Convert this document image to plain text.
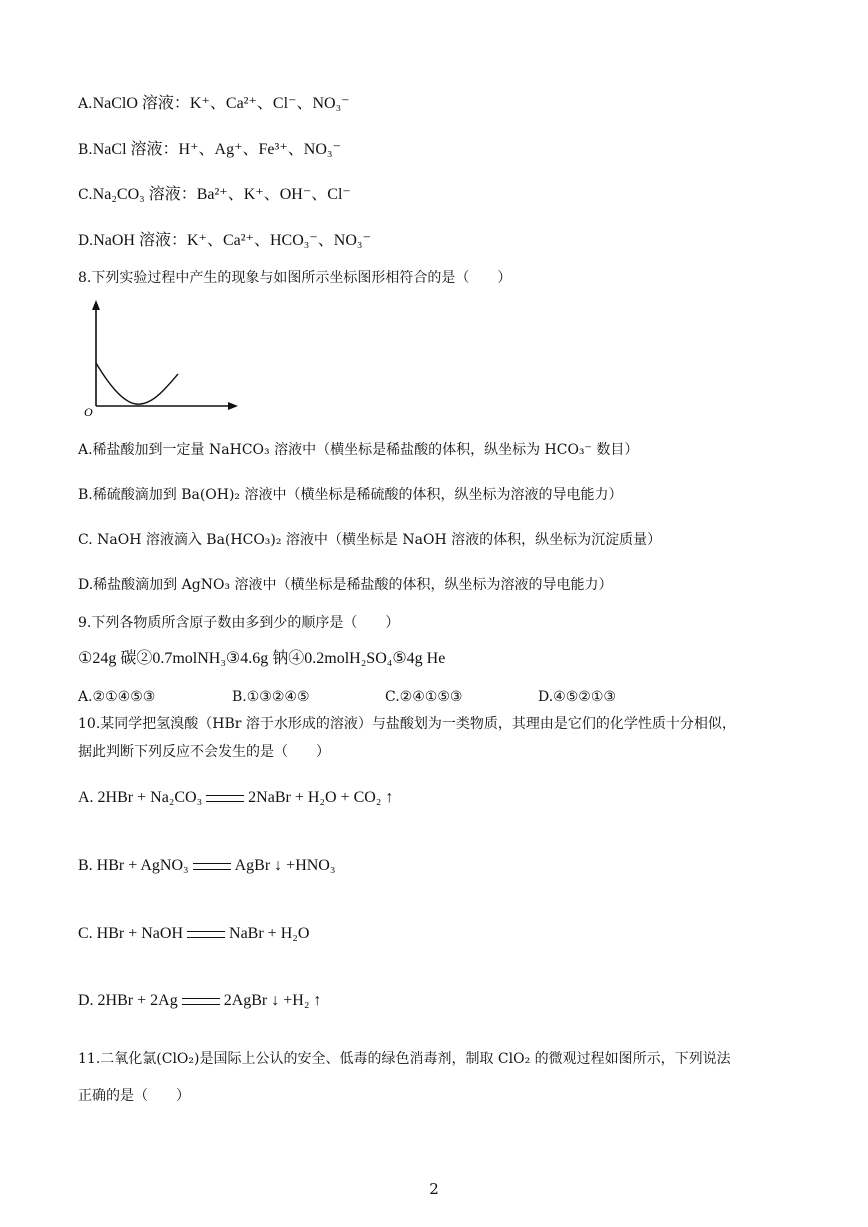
A.NaClO 溶液：K⁺、Ca²⁺、Cl⁻、NO₃⁻
B.NaCl 溶液：H⁺、Ag⁺、Fe³⁺、NO₃⁻
C.Na₂CO₃ 溶液：Ba²⁺、K⁺、OH⁻、Cl⁻
D.NaOH 溶液：K⁺、Ca²⁺、HCO₃⁻、NO₃⁻
8.下列实验过程中产生的现象与如图所示坐标图形相符合的是（　　）
O
A.稀盐酸加到一定量 NaHCO₃ 溶液中（横坐标是稀盐酸的体积，纵坐标为 HCO₃⁻ 数目）
B.稀硫酸滴加到 Ba(OH)₂ 溶液中（横坐标是稀硫酸的体积，纵坐标为溶液的导电能力）
C. NaOH 溶液滴入 Ba(HCO₃)₂ 溶液中（横坐标是 NaOH 溶液的体积，纵坐标为沉淀质量）
D.稀盐酸滴加到 AgNO₃ 溶液中（横坐标是稀盐酸的体积，纵坐标为溶液的导电能力）
9.下列各物质所含原子数由多到少的顺序是（　　）
①24g 碳②0.7molNH₃③4.6g 钠④0.2molH₂SO₄⑤4g He
A.②①④⑤③	B.①③②④⑤	C.②④①⑤③	D.④⑤②①③
10.某同学把氢溴酸（HBr 溶于水形成的溶液）与盐酸划为一类物质，其理由是它们的化学性质十分相似，
据此判断下列反应不会发生的是（　　）
A. 2HBr + Na₂CO₃	2NaBr + H₂O + CO₂ ↑
B. HBr + AgNO₃	AgBr ↓ +HNO₃
C. HBr + NaOH	NaBr + H₂O
D. 2HBr + 2Ag	2AgBr ↓ +H₂ ↑
11.二氧化氯(ClO₂)是国际上公认的安全、低毒的绿色消毒剂，制取 ClO₂ 的微观过程如图所示，下列说法
正确的是（　　）
2
